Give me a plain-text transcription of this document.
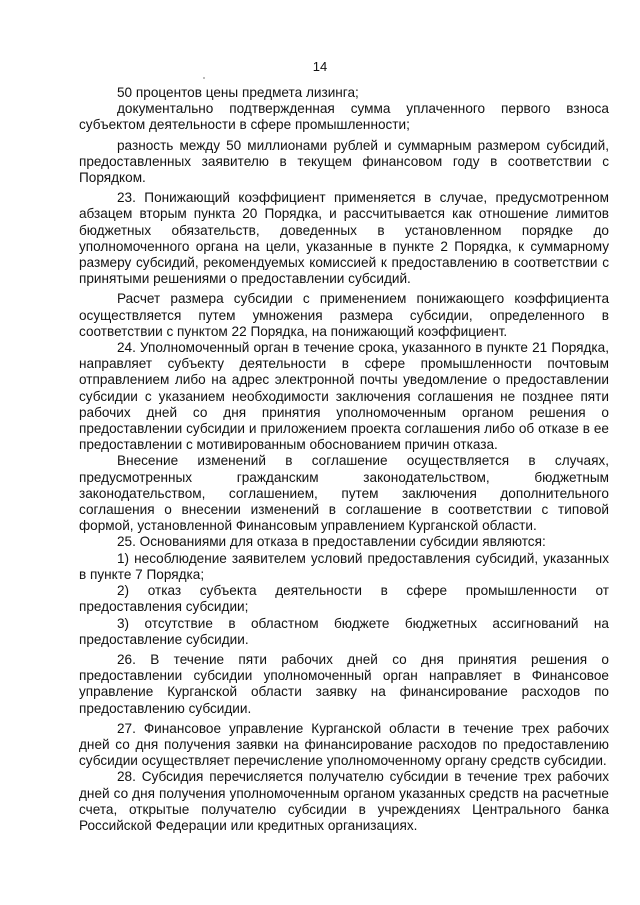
14

50 процентов цены предмета лизинга;

документально подтвержденная сумма уплаченного первого взноса субъектом деятельности в сфере промышленности;

разность между 50 миллионами рублей и суммарным размером субсидий, предоставленных заявителю в текущем финансовом году в соответствии с Порядком.

23. Понижающий коэффициент применяется в случае, предусмотренном абзацем вторым пункта 20 Порядка, и рассчитывается как отношение лимитов бюджетных обязательств, доведенных в установленном порядке до уполномоченного органа на цели, указанные в пункте 2 Порядка, к суммарному размеру субсидий, рекомендуемых комиссией к предоставлению в соответствии с принятыми решениями о предоставлении субсидий.

Расчет размера субсидии с применением понижающего коэффициента осуществляется путем умножения размера субсидии, определенного в соответствии с пунктом 22 Порядка, на понижающий коэффициент.

24. Уполномоченный орган в течение срока, указанного в пункте 21 Порядка, направляет субъекту деятельности в сфере промышленности почтовым отправлением либо на адрес электронной почты уведомление о предоставлении субсидии с указанием необходимости заключения соглашения не позднее пяти рабочих дней со дня принятия уполномоченным органом решения о предоставлении субсидии и приложением проекта соглашения либо об отказе в ее предоставлении с мотивированным обоснованием причин отказа.

Внесение изменений в соглашение осуществляется в случаях, предусмотренных гражданским законодательством, бюджетным законодательством, соглашением, путем заключения дополнительного соглашения о внесении изменений в соглашение в соответствии с типовой формой, установленной Финансовым управлением Курганской области.

25. Основаниями для отказа в предоставлении субсидии являются:

1) несоблюдение заявителем условий предоставления субсидий, указанных в пункте 7 Порядка;

2) отказ субъекта деятельности в сфере промышленности от предоставления субсидии;

3) отсутствие в областном бюджете бюджетных ассигнований на предоставление субсидии.

26. В течение пяти рабочих дней со дня принятия решения о предоставлении субсидии уполномоченный орган направляет в Финансовое управление Курганской области заявку на финансирование расходов по предоставлению субсидии.

27. Финансовое управление Курганской области в течение трех рабочих дней со дня получения заявки на финансирование расходов по предоставлению субсидии осуществляет перечисление уполномоченному органу средств субсидии.

28. Субсидия перечисляется получателю субсидии в течение трех рабочих дней со дня получения уполномоченным органом указанных средств на расчетные счета, открытые получателю субсидии в учреждениях Центрального банка Российской Федерации или кредитных организациях.
